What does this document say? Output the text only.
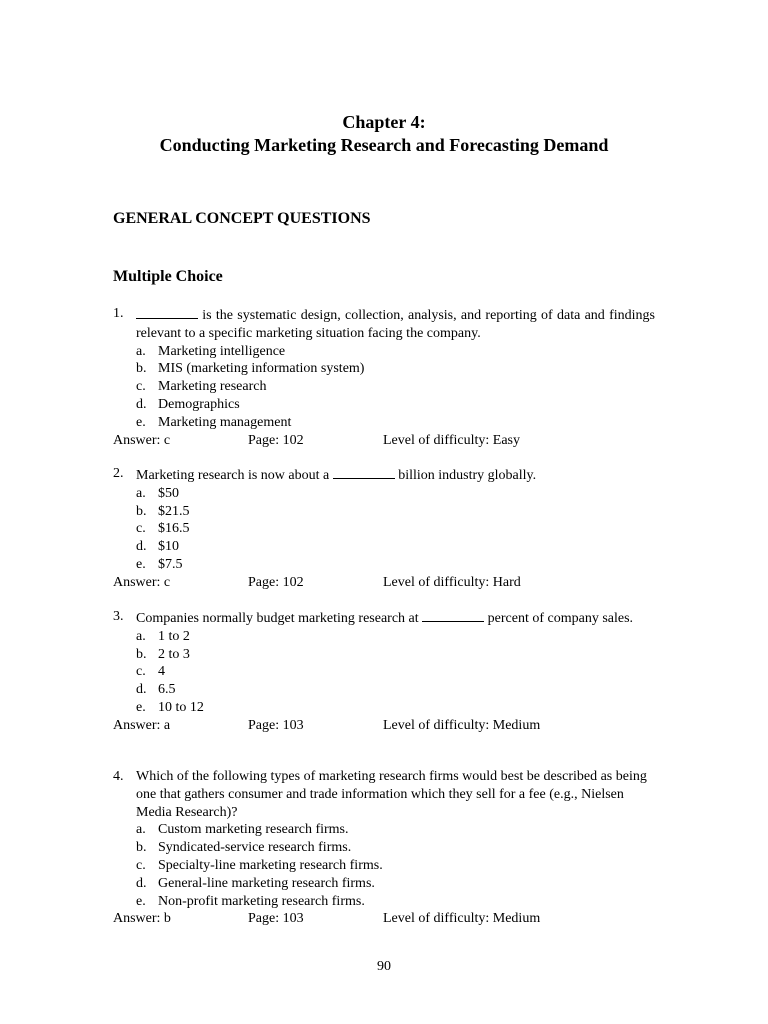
Chapter 4:
Conducting Marketing Research and Forecasting Demand
GENERAL CONCEPT QUESTIONS
Multiple Choice
1.	is the systematic design, collection, analysis, and reporting of data and findings relevant to a specific marketing situation facing the company.
a. Marketing intelligence
b. MIS (marketing information system)
c. Marketing research
d. Demographics
e. Marketing management
Answer: c	Page: 102	Level of difficulty: Easy
2. Marketing research is now about a	billion industry globally.
a. $50
b. $21.5
c. $16.5
d. $10
e. $7.5
Answer: c	Page: 102	Level of difficulty: Hard
3. Companies normally budget marketing research at	percent of company sales.
a. 1 to 2
b. 2 to 3
c. 4
d. 6.5
e. 10 to 12
Answer: a	Page: 103	Level of difficulty: Medium
4. Which of the following types of marketing research firms would best be described as being one that gathers consumer and trade information which they sell for a fee (e.g., Nielsen Media Research)?
a. Custom marketing research firms.
b. Syndicated-service research firms.
c. Specialty-line marketing research firms.
d. General-line marketing research firms.
e. Non-profit marketing research firms.
Answer: b	Page: 103	Level of difficulty: Medium
90
